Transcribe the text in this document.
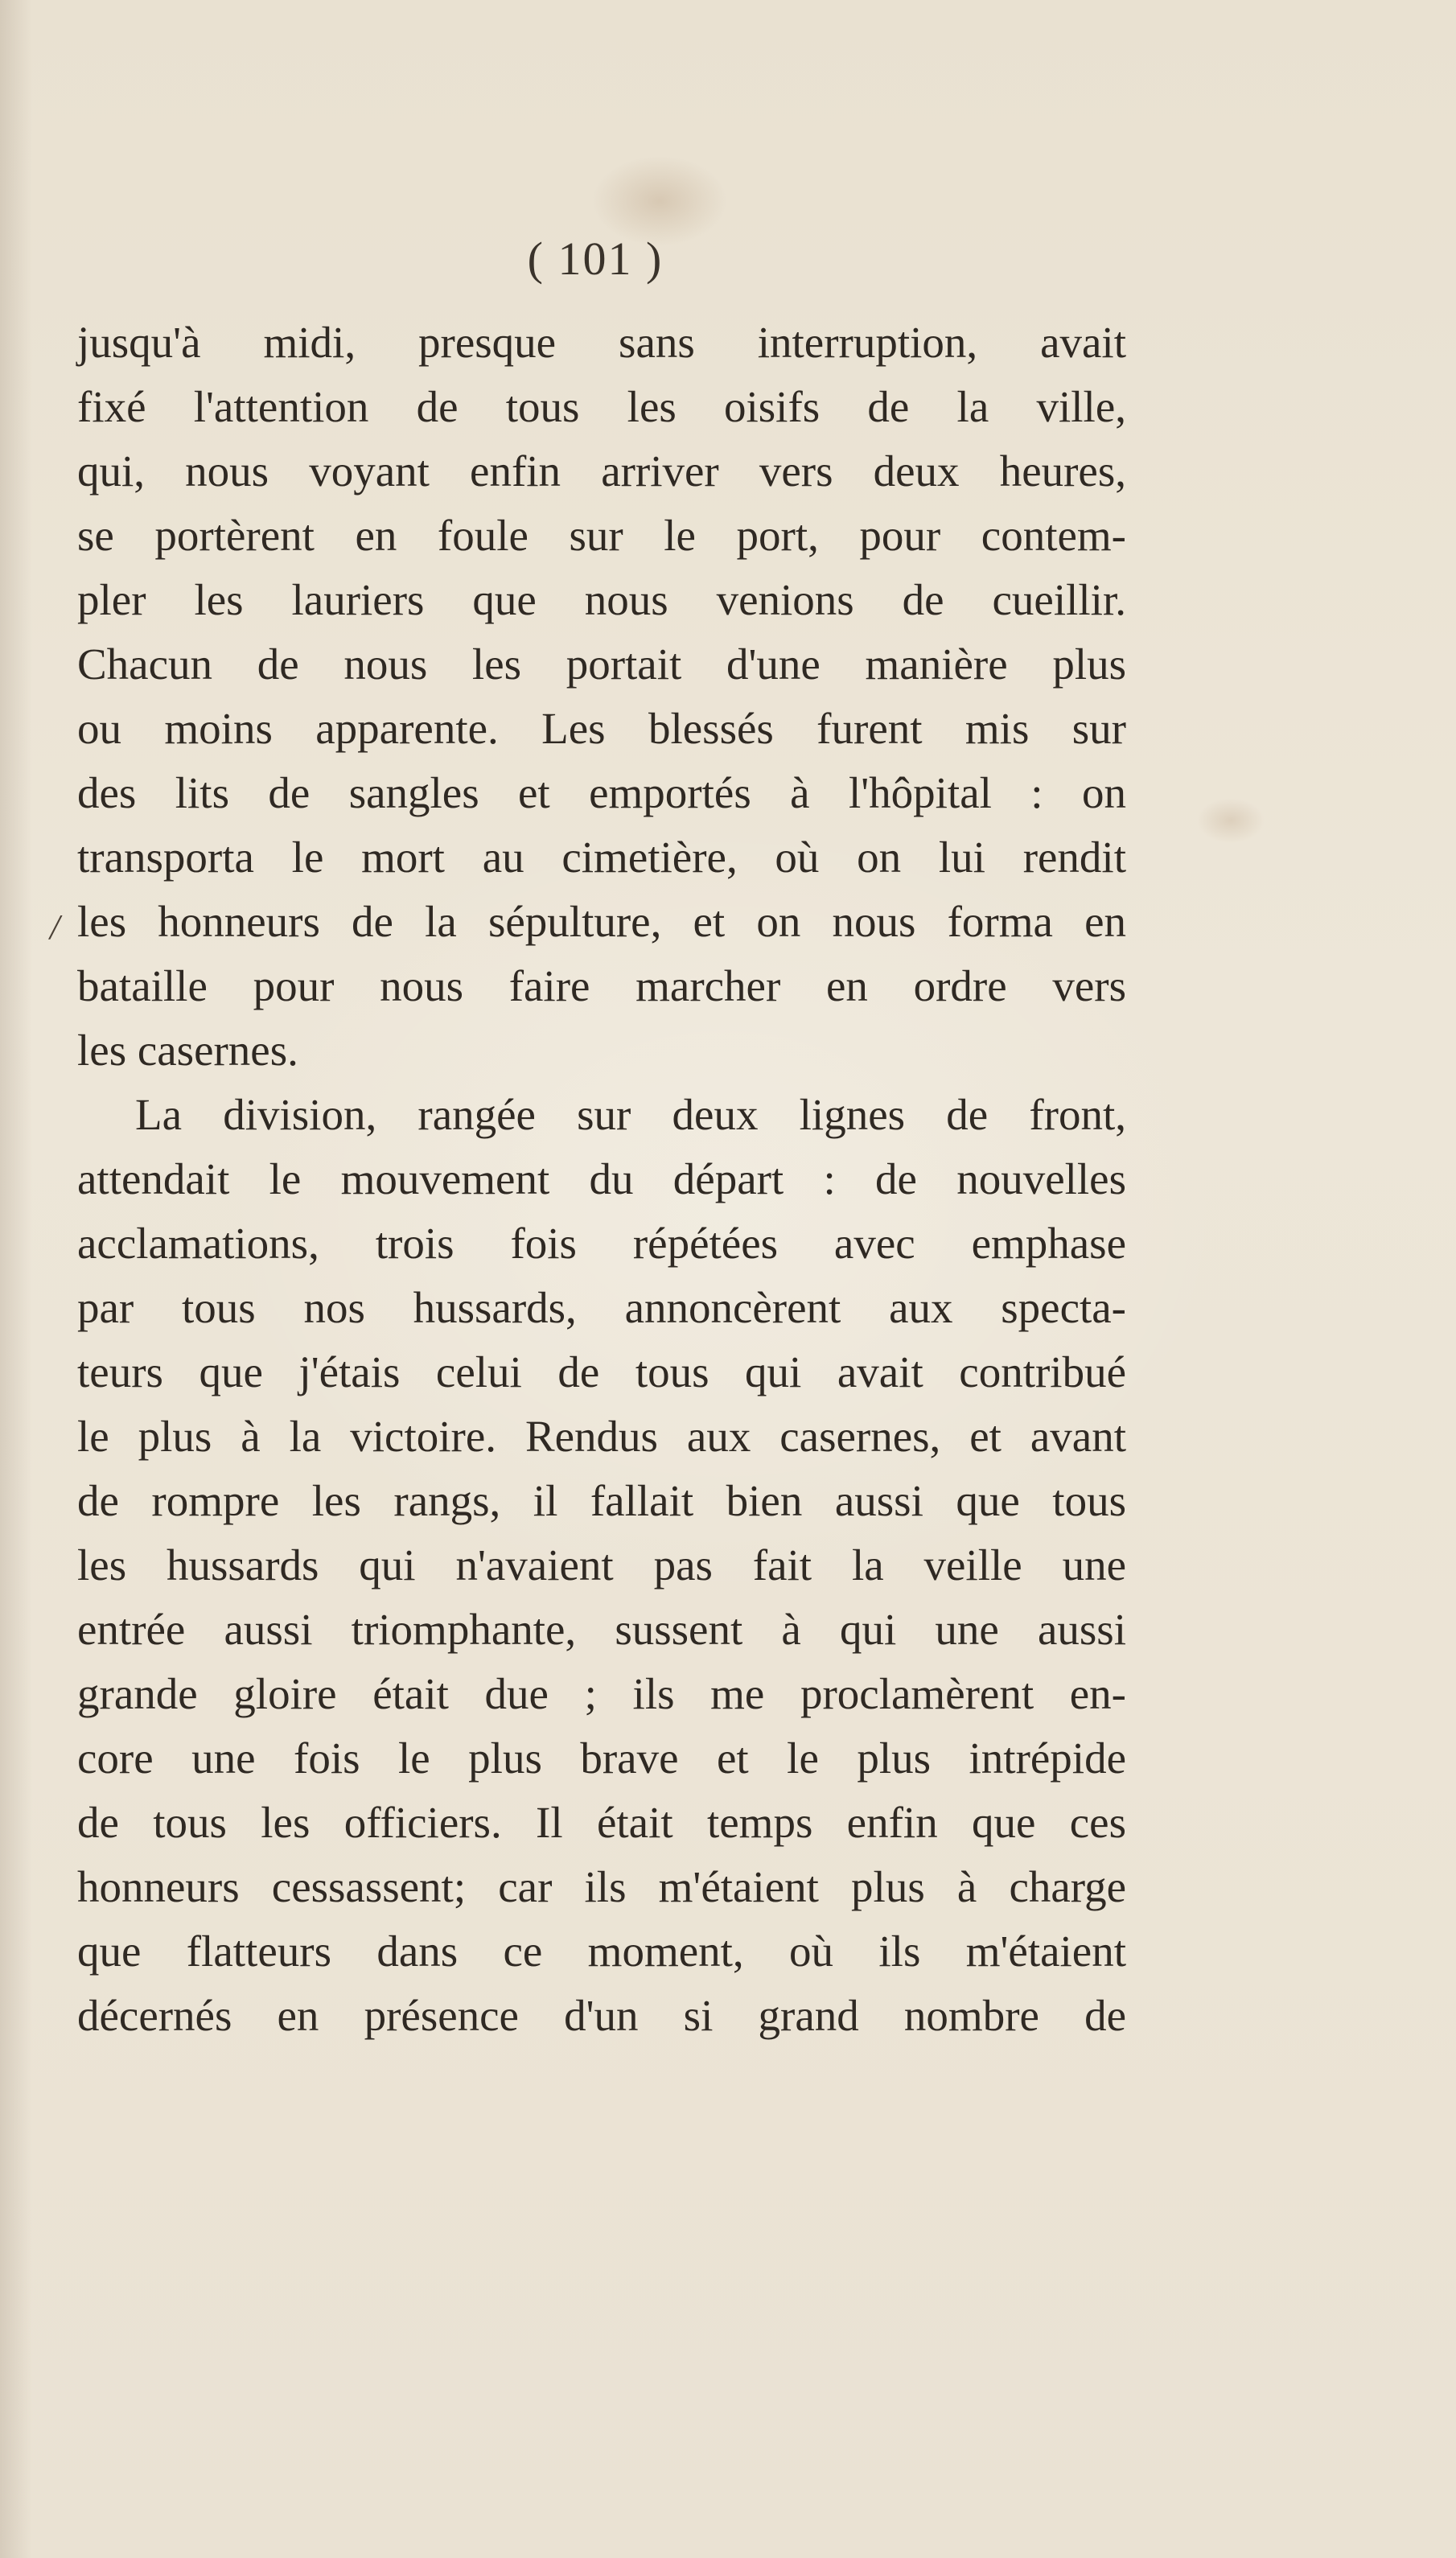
( 101 )
/
jusqu'à midi, presque sans interruption, avait
fixé l'attention de tous les oisifs de la ville,
qui, nous voyant enfin arriver vers deux heures,
se portèrent en foule sur le port, pour contem-
pler les lauriers que nous venions de cueillir.
Chacun de nous les portait d'une manière plus
ou moins apparente. Les blessés furent mis sur
des lits de sangles et emportés à l'hôpital : on
transporta le mort au cimetière, où on lui rendit
les honneurs de la sépulture, et on nous forma en
bataille pour nous faire marcher en ordre vers
les casernes.
La division, rangée sur deux lignes de front,
attendait le mouvement du départ : de nouvelles
acclamations, trois fois répétées avec emphase
par tous nos hussards, annoncèrent aux specta-
teurs que j'étais celui de tous qui avait contribué
le plus à la victoire. Rendus aux casernes, et avant
de rompre les rangs, il fallait bien aussi que tous
les hussards qui n'avaient pas fait la veille une
entrée aussi triomphante, sussent à qui une aussi
grande gloire était due ; ils me proclamèrent en-
core une fois le plus brave et le plus intrépide
de tous les officiers. Il était temps enfin que ces
honneurs cessassent; car ils m'étaient plus à charge
que flatteurs dans ce moment, où ils m'étaient
décernés en présence d'un si grand nombre de
